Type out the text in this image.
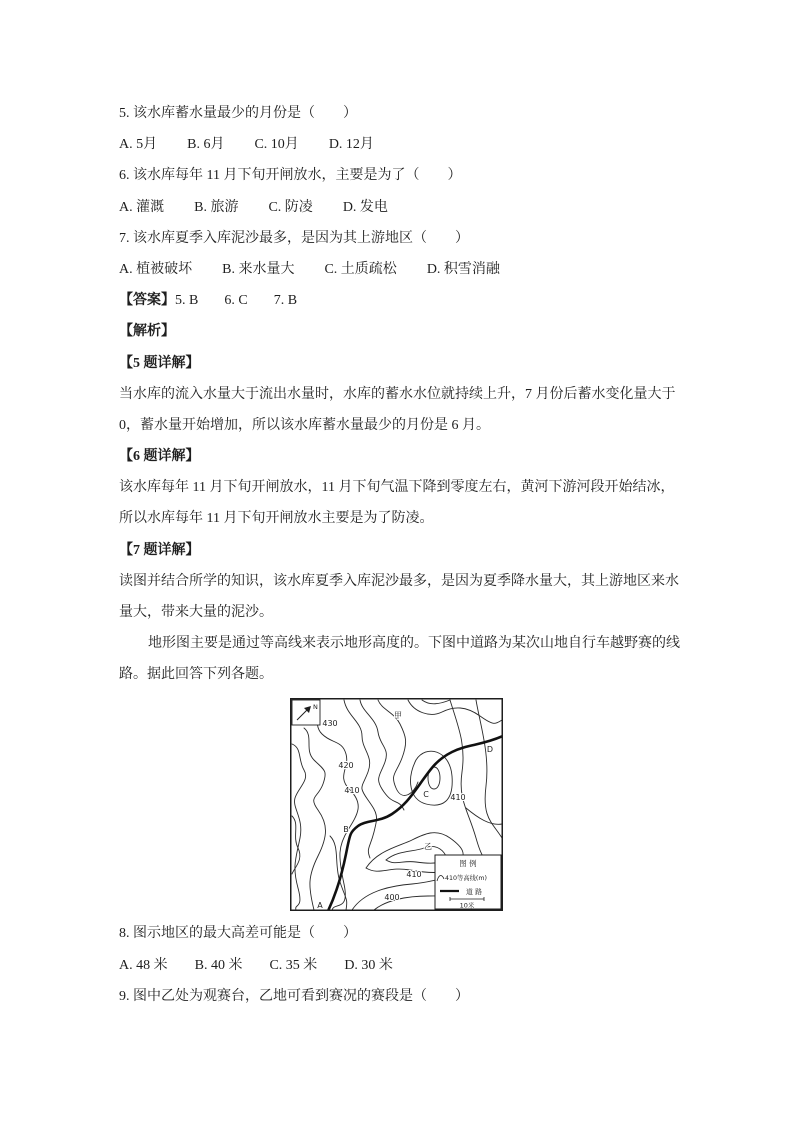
5. 该水库蓄水量最少的月份是（　　）
A. 5月 B. 6月 C. 10月 D. 12月
6. 该水库每年 11 月下旬开闸放水，主要是为了（　　）
A. 灌溉 B. 旅游 C. 防凌 D. 发电
7. 该水库夏季入库泥沙最多，是因为其上游地区（　　）
A. 植被破坏 B. 来水量大 C. 土质疏松 D. 积雪消融
【答案】5. B 6. C 7. B
【解析】
【5 题详解】
当水库的流入水量大于流出水量时，水库的蓄水水位就持续上升，7 月份后蓄水变化量大于
0，蓄水量开始增加，所以该水库蓄水量最少的月份是 6 月。
【6 题详解】
该水库每年 11 月下旬开闸放水，11 月下旬气温下降到零度左右，黄河下游河段开始结冰，
所以水库每年 11 月下旬开闸放水主要是为了防凌。
【7 题详解】
读图并结合所学的知识，该水库夏季入库泥沙最多，是因为夏季降水量大，其上游地区来水
量大，带来大量的泥沙。
地形图主要是通过等高线来表示地形高度的。下图中道路为某次山地自行车越野赛的线
路。据此回答下列各题。
N
430
420
410
410
410
400
A
B
C
D
甲
乙
图 例
410等高线(m)
道 路
10米
8. 图示地区的最大高差可能是（　　）
A. 48 米 B. 40 米 C. 35 米 D. 30 米
9. 图中乙处为观赛台，乙地可看到赛况的赛段是（　　）
